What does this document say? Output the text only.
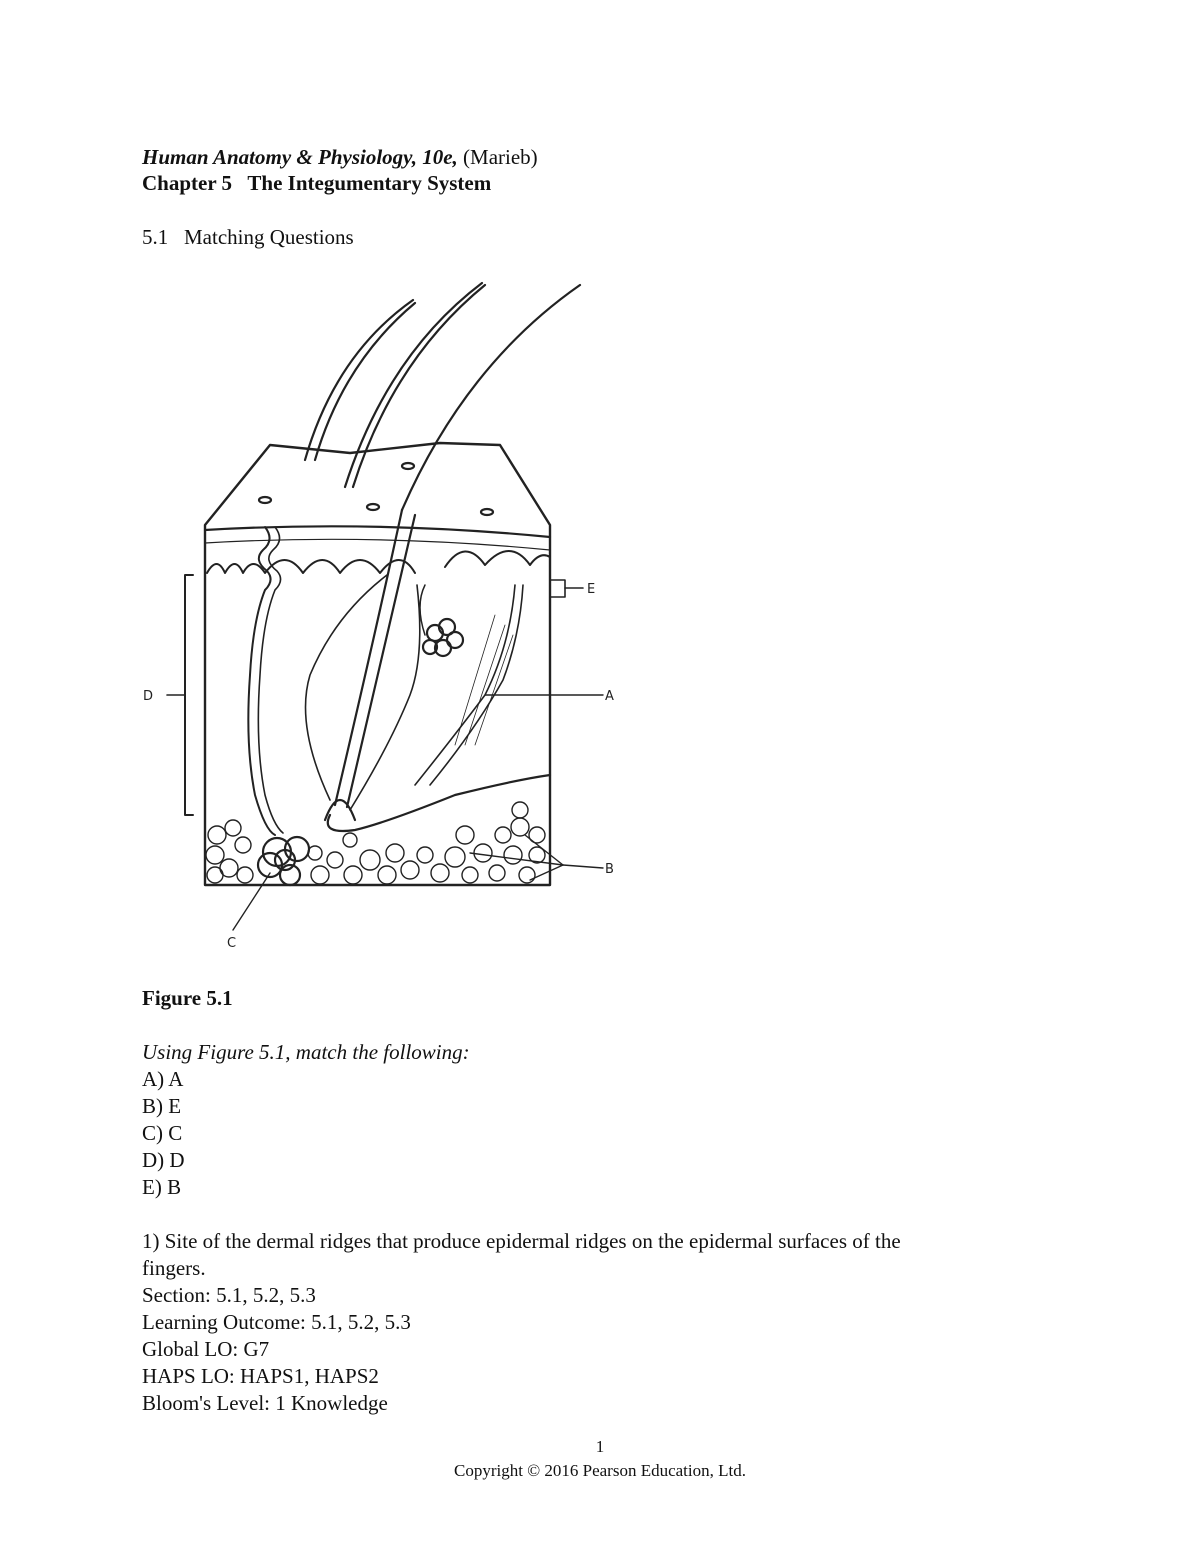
Human Anatomy & Physiology, 10e, (Marieb)
Chapter 5 The Integumentary System
5.1   Matching Questions
D
E
A
B
C
Figure 5.1
Using Figure 5.1, match the following:
A) A
B) E
C) C
D) D
E) B
1) Site of the dermal ridges that produce epidermal ridges on the epidermal surfaces of the
fingers.
Section: 5.1, 5.2, 5.3
Learning Outcome: 5.1, 5.2, 5.3
Global LO: G7
HAPS LO: HAPS1, HAPS2
Bloom's Level: 1 Knowledge
1
Copyright © 2016 Pearson Education, Ltd.
